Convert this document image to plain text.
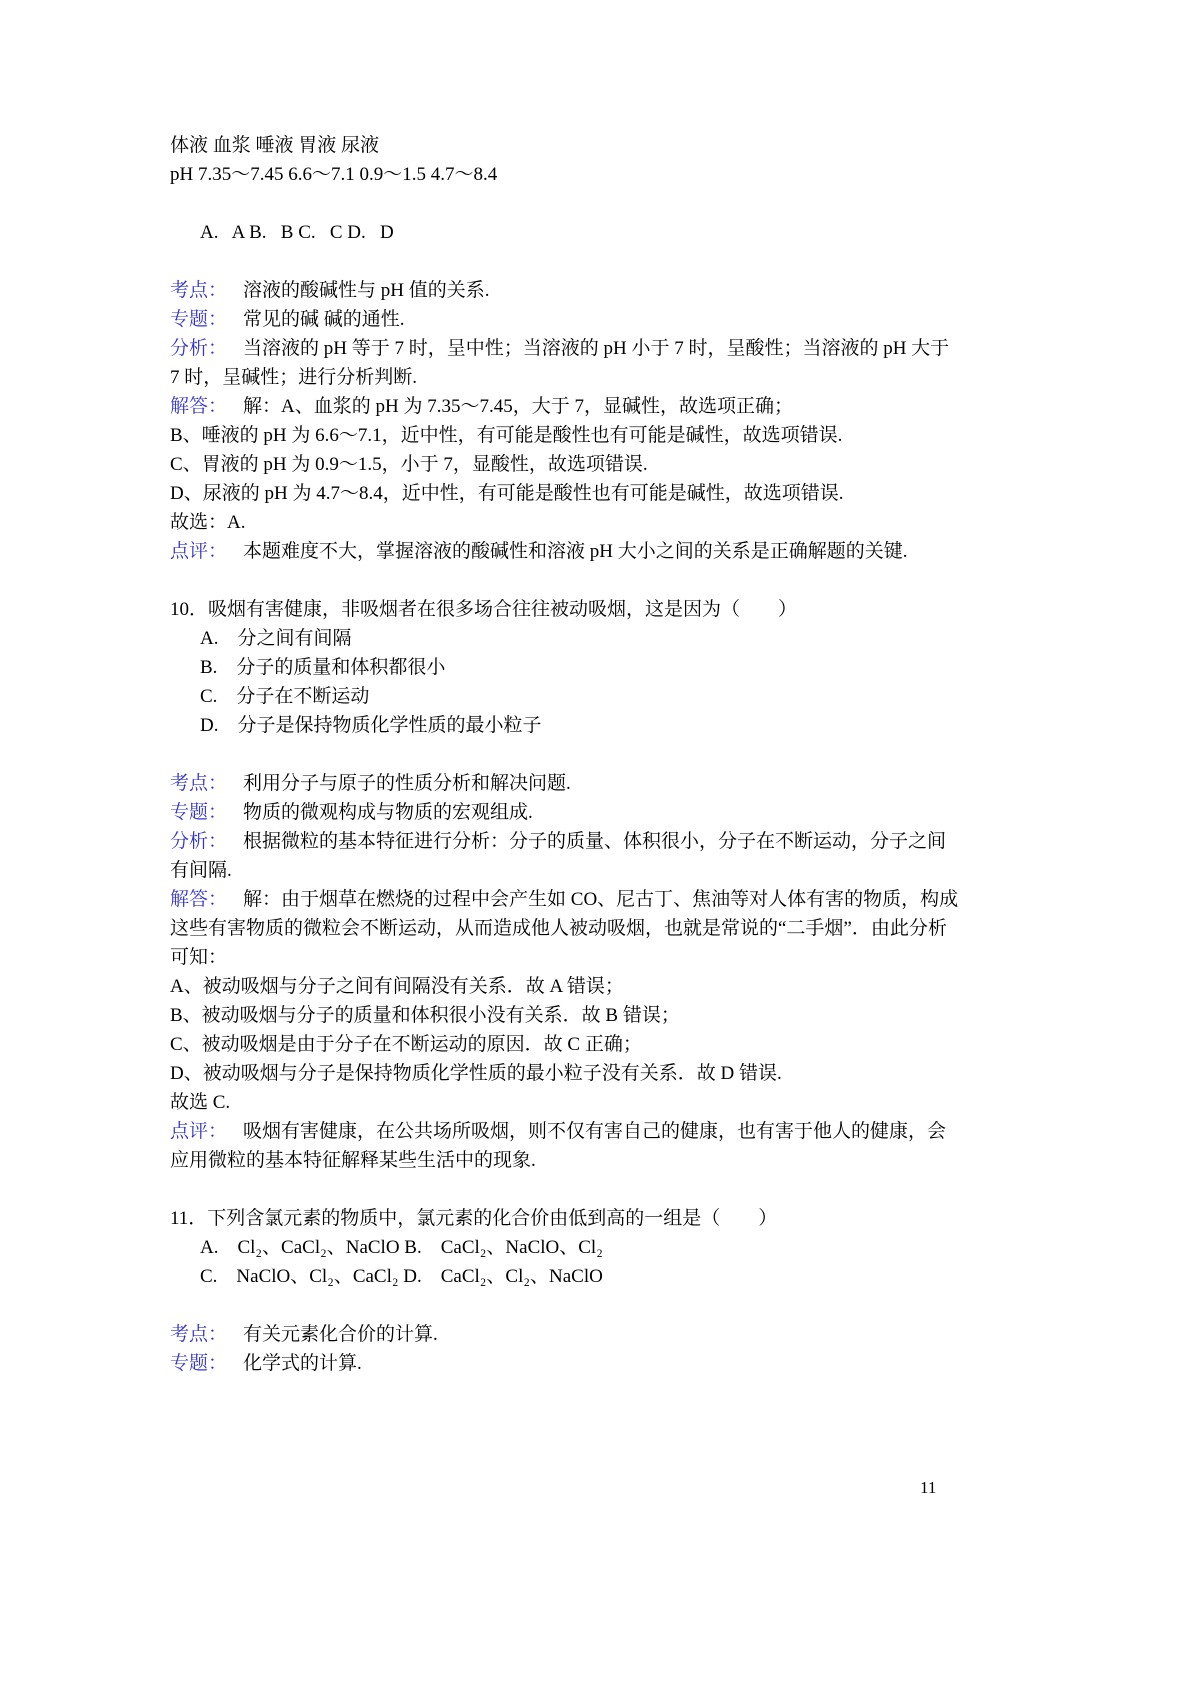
体液 血浆 唾液 胃液 尿液

pH 7.35～7.45 6.6～7.1 0.9～1.5 4.7～8.4

A.   A B.   B C.   C D.   D

考点： 溶液的酸碱性与 pH 值的关系.

专题： 常见的碱 碱的通性.

分析： 当溶液的 pH 等于 7 时，呈中性；当溶液的 pH 小于 7 时，呈酸性；当溶液的 pH 大于 7 时，呈碱性；进行分析判断.

解答： 解：A、血浆的 pH 为 7.35～7.45，大于 7，显碱性，故选项正确；

B、唾液的 pH 为 6.6～7.1，近中性，有可能是酸性也有可能是碱性，故选项错误.

C、胃液的 pH 为 0.9～1.5，小于 7，显酸性，故选项错误.

D、尿液的 pH 为 4.7～8.4，近中性，有可能是酸性也有可能是碱性，故选项错误.

故选：A.

点评： 本题难度不大，掌握溶液的酸碱性和溶液 pH 大小之间的关系是正确解题的关键.

10．吸烟有害健康，非吸烟者在很多场合往往被动吸烟，这是因为（　　）

A.　分之间有间隔

B.　分子的质量和体积都很小

C.　分子在不断运动

D.　分子是保持物质化学性质的最小粒子

考点： 利用分子与原子的性质分析和解决问题.

专题： 物质的微观构成与物质的宏观组成.

分析： 根据微粒的基本特征进行分析：分子的质量、体积很小，分子在不断运动，分子之间有间隔.

解答： 解：由于烟草在燃烧的过程中会产生如 CO、尼古丁、焦油等对人体有害的物质，构成这些有害物质的微粒会不断运动，从而造成他人被动吸烟，也就是常说的“二手烟”．由此分析可知：

A、被动吸烟与分子之间有间隔没有关系．故 A 错误；

B、被动吸烟与分子的质量和体积很小没有关系．故 B 错误；

C、被动吸烟是由于分子在不断运动的原因．故 C 正确；

D、被动吸烟与分子是保持物质化学性质的最小粒子没有关系．故 D 错误.

故选 C.

点评： 吸烟有害健康，在公共场所吸烟，则不仅有害自己的健康，也有害于他人的健康，会应用微粒的基本特征解释某些生活中的现象.

11．下列含氯元素的物质中，氯元素的化合价由低到高的一组是（　　）

A.　Cl₂、CaCl₂、NaClO B.　CaCl₂、NaClO、Cl₂

C.　NaClO、Cl₂、CaCl₂ D.　CaCl₂、Cl₂、NaClO

考点： 有关元素化合价的计算.

专题： 化学式的计算.

11
